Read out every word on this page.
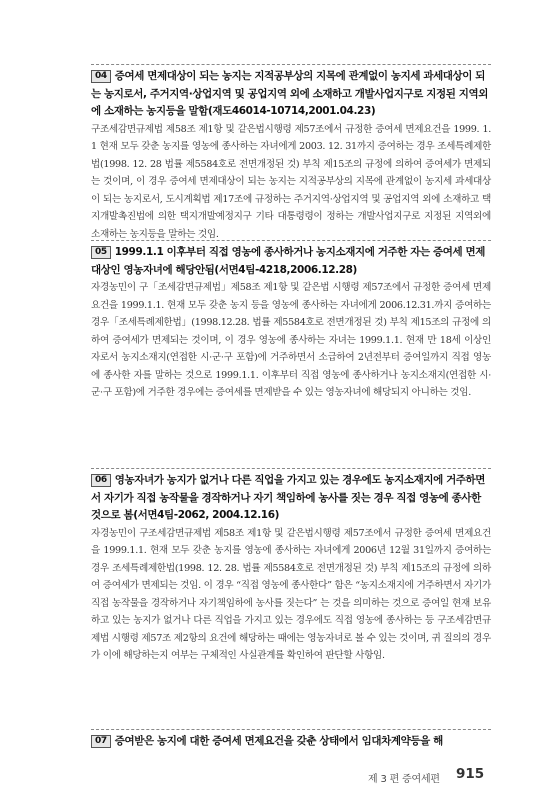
04 증여세 면제대상이 되는 농지는 지적공부상의 지목에 관계없이 농지세 과세대상이 되는 농지로서, 주거지역·상업지역 및 공업지역 외에 소재하고 개발사업지구로 지정된 지역외에 소재하는 농지등을 말함(재도46014-10714,2001.04.23)

구조세감면규제법 제58조 제1항 및 같은법시행령 제57조에서 규정한 증여세 면제요건을 1999. 1. 1 현재 모두 갖춘 농지를 영농에 종사하는 자녀에게 2003. 12. 31까지 증여하는 경우 조세특례제한법(1998. 12. 28 법률 제5584호로 전면개정된 것) 부칙 제15조의 규정에 의하여 증여세가 면제되는 것이며, 이 경우 증여세 면제대상이 되는 농지는 지적공부상의 지목에 관계없이 농지세 과세대상이 되는 농지로서, 도시계획법 제17조에 규정하는 주거지역·상업지역 및 공업지역 외에 소재하고 택지개발촉진법에 의한 택지개발예정지구 기타 대통령령이 정하는 개발사업지구로 지정된 지역외에 소재하는 농지등을 말하는 것임.

05 1999.1.1 이후부터 직접 영농에 종사하거나 농지소재지에 거주한 자는 증여세 면제대상인 영농자녀에 해당안됨(서면4팀-4218,2006.12.28)

자경농민이 구「조세감면규제법」제58조 제1항 및 같은법 시행령 제57조에서 규정한 증여세 면제요건을 1999.1.1. 현재 모두 갖춘 농지 등을 영농에 종사하는 자녀에게 2006.12.31.까지 증여하는 경우「조세특례제한법」(1998.12.28. 법률 제5584호로 전면개정된 것) 부칙 제15조의 규정에 의하여 증여세가 면제되는 것이며, 이 경우 영농에 종사하는 자녀는 1999.1.1. 현재 만 18세 이상인 자로서 농지소재지(연접한 시·군·구 포함)에 거주하면서 소급하여 2년전부터 증여일까지 직접 영농에 종사한 자를 말하는 것으로 1999.1.1. 이후부터 직접 영농에 종사하거나 농지소재지(연접한 시·군·구 포함)에 거주한 경우에는 증여세를 면제받을 수 있는 영농자녀에 해당되지 아니하는 것임.

06 영농자녀가 농지가 없거나 다른 직업을 가지고 있는 경우에도 농지소재지에 거주하면서 자기가 직접 농작물을 경작하거나 자기 책임하에 농사를 짓는 경우 직접 영농에 종사한 것으로 봄(서면4팀-2062, 2004.12.16)

자경농민이 구조세감면규제법 제58조 제1항 및 같은법시행령 제57조에서 규정한 증여세 면제요건을 1999.1.1. 현재 모두 갖춘 농지를 영농에 종사하는 자녀에게 2006년 12월 31일까지 증여하는 경우 조세특례제한법(1998. 12. 28. 법률 제5584호로 전면개정된 것) 부칙 제15조의 규정에 의하여 증여세가 면제되는 것임. 이 경우 “직접 영농에 종사한다” 함은 “농지소재지에 거주하면서 자기가 직접 농작물을 경작하거나 자기책임하에 농사를 짓는다” 는 것을 의미하는 것으로 증여일 현재 보유하고 있는 농지가 없거나 다른 직업을 가지고 있는 경우에도 직접 영농에 종사하는 등 구조세감면규제법 시행령 제57조 제2항의 요건에 해당하는 때에는 영농자녀로 볼 수 있는 것이며, 귀 질의의 경우가 이에 해당하는지 여부는 구체적인 사실관계를 확인하여 판단할 사항임.

07 증여받은 농지에 대한 증여세 면제요건을 갖춘 상태에서 임대차계약등을 해

제 3 편 증여세편 915
